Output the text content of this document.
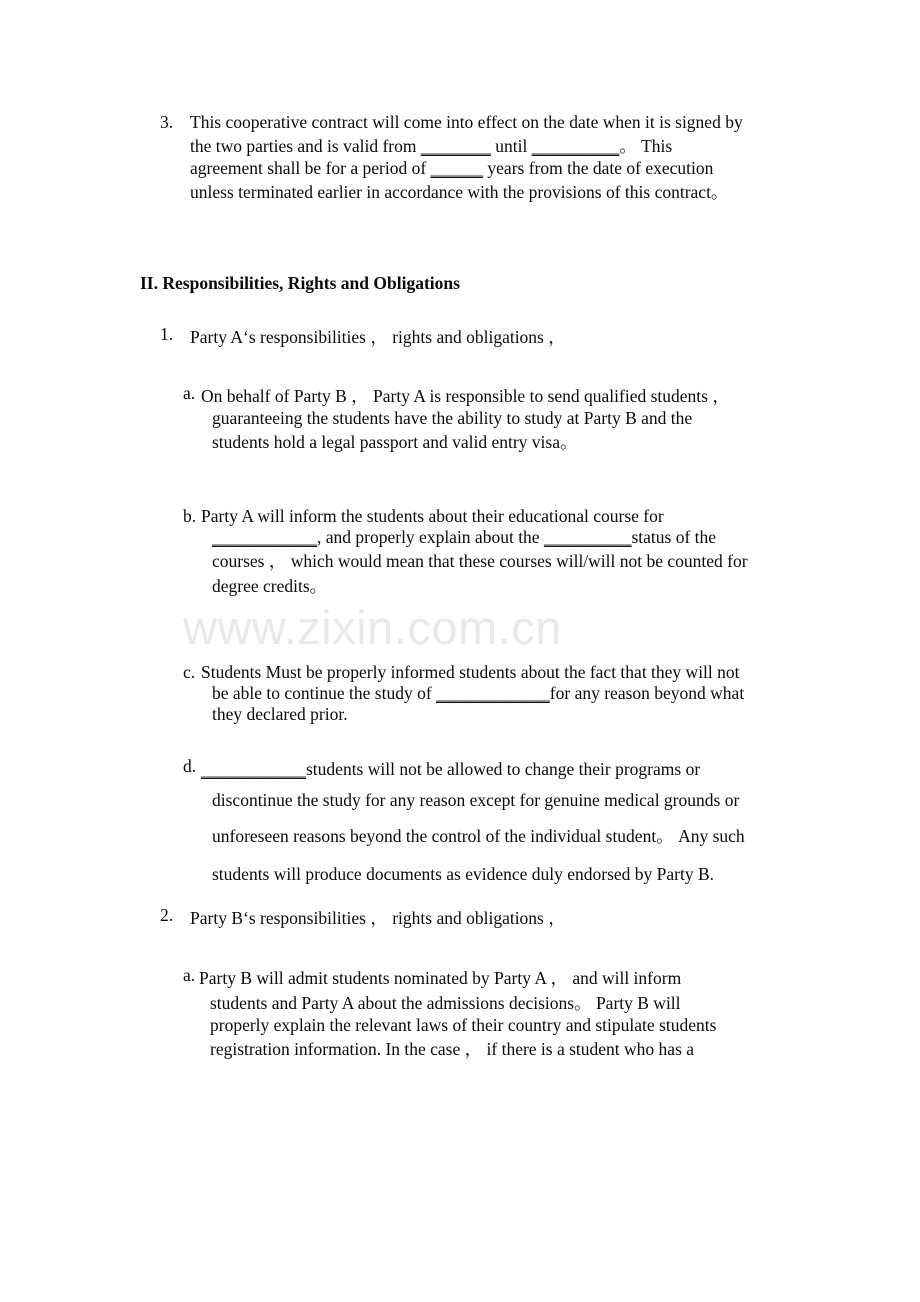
www.zixin.com.cn
3. This cooperative contract will come into effect on the date when it is signed by
the two parties and is valid from ________ until __________。 This
agreement shall be for a period of ______ years from the date of execution
unless terminated earlier in accordance with the provisions of this contract。
II. Responsibilities, Rights and Obligations
1. Party A‘s responsibilities ， rights and obligations ，
a. On behalf of Party B ， Party A is responsible to send qualified students ，
guaranteeing the students have the ability to study at Party B and the
students hold a legal passport and valid entry visa。
b. Party A will inform the students about their educational course for
____________, and properly explain about the __________status of the
courses ， which would mean that these courses will/will not be counted for
degree credits。
c. Students Must be properly informed students about the fact that they will not
be able to continue the study of _____________for any reason beyond what
they declared prior.
d. ____________students will not be allowed to change their programs or
discontinue the study for any reason except for genuine medical grounds or
unforeseen reasons beyond the control of the individual student。 Any such
students will produce documents as evidence duly endorsed by Party B.
2. Party B‘s responsibilities ， rights and obligations ，
a. Party B will admit students nominated by Party A ， and will inform
students and Party A about the admissions decisions。 Party B will
properly explain the relevant laws of their country and stipulate students
registration information. In the case ， if there is a student who has a
